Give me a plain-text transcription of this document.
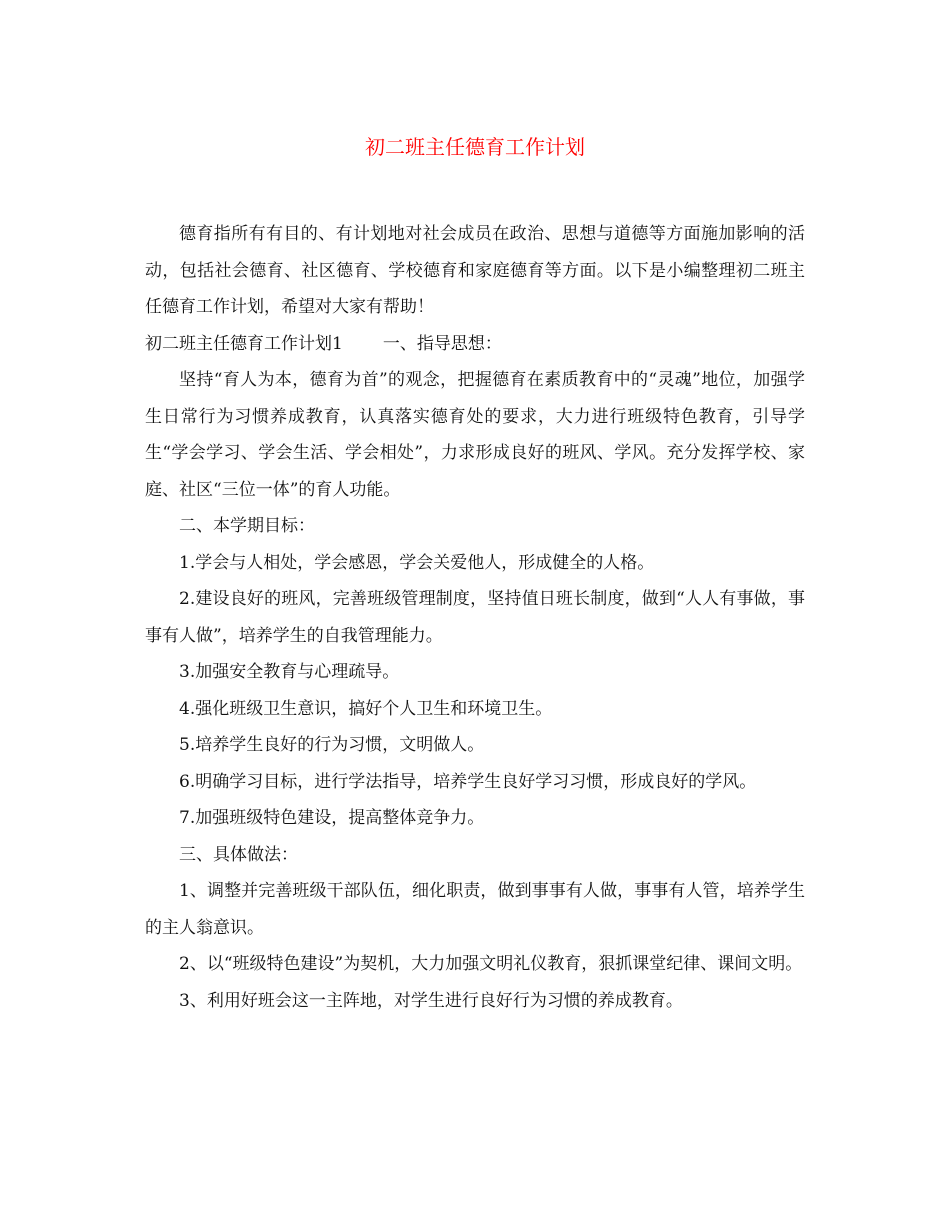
初二班主任德育工作计划

德育指所有有目的、有计划地对社会成员在政治、思想与道德等方面施加影响的活动，包括社会德育、社区德育、学校德育和家庭德育等方面。以下是小编整理初二班主任德育工作计划，希望对大家有帮助！

初二班主任德育工作计划1 一、指导思想：

坚持“育人为本，德育为首”的观念，把握德育在素质教育中的“灵魂”地位，加强学生日常行为习惯养成教育，认真落实德育处的要求，大力进行班级特色教育，引导学生“学会学习、学会生活、学会相处”，力求形成良好的班风、学风。充分发挥学校、家庭、社区“三位一体”的育人功能。

二、本学期目标：

1.学会与人相处，学会感恩，学会关爱他人，形成健全的人格。

2.建设良好的班风，完善班级管理制度，坚持值日班长制度，做到“人人有事做，事事有人做”，培养学生的自我管理能力。

3.加强安全教育与心理疏导。

4.强化班级卫生意识，搞好个人卫生和环境卫生。

5.培养学生良好的行为习惯，文明做人。

6.明确学习目标，进行学法指导，培养学生良好学习习惯，形成良好的学风。

7.加强班级特色建设，提高整体竞争力。

三、具体做法：

1、调整并完善班级干部队伍，细化职责，做到事事有人做，事事有人管，培养学生的主人翁意识。

2、以“班级特色建设”为契机，大力加强文明礼仪教育，狠抓课堂纪律、课间文明。

3、利用好班会这一主阵地，对学生进行良好行为习惯的养成教育。
